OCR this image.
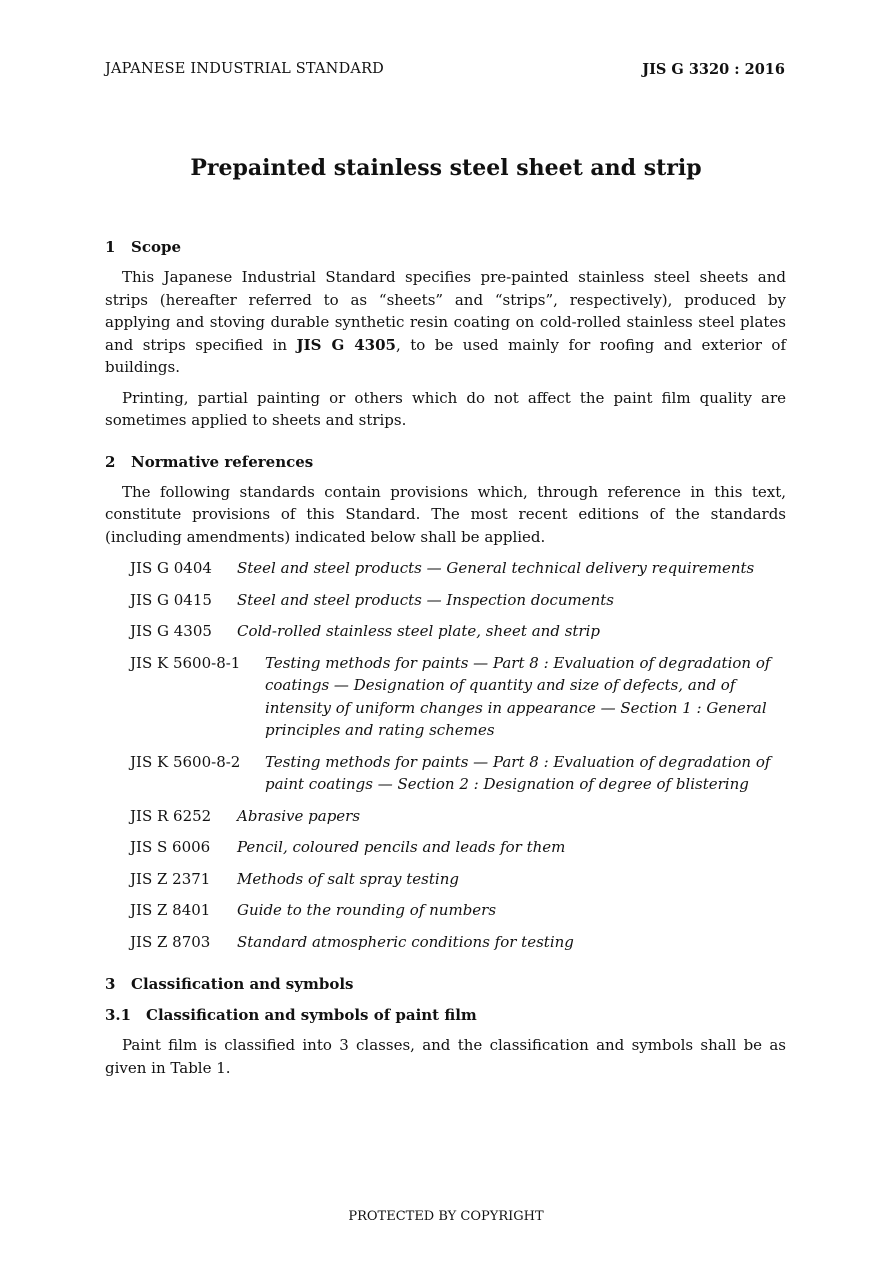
JAPANESE INDUSTRIAL STANDARD	JIS G 3320 : 2016
Prepainted stainless steel sheet and strip
1 Scope

This Japanese Industrial Standard specifies pre-painted stainless steel sheets and strips (hereafter referred to as “sheets” and “strips”, respectively), produced by applying and stoving durable synthetic resin coating on cold-rolled stainless steel plates and strips specified in JIS G 4305, to be used mainly for roofing and exterior of buildings.

Printing, partial painting or others which do not affect the paint film quality are sometimes applied to sheets and strips.

2 Normative references

The following standards contain provisions which, through reference in this text, constitute provisions of this Standard. The most recent editions of the standards (including amendments) indicated below shall be applied.

JIS G 0404 Steel and steel products — General technical delivery requirements
JIS G 0415 Steel and steel products — Inspection documents
JIS G 4305 Cold-rolled stainless steel plate, sheet and strip
JIS K 5600-8-1 Testing methods for paints — Part 8 : Evaluation of degradation of coatings — Designation of quantity and size of defects, and of intensity of uniform changes in appearance — Section 1 : General principles and rating schemes
JIS K 5600-8-2 Testing methods for paints — Part 8 : Evaluation of degradation of paint coatings — Section 2 : Designation of degree of blistering
JIS R 6252 Abrasive papers
JIS S 6006 Pencil, coloured pencils and leads for them
JIS Z 2371 Methods of salt spray testing
JIS Z 8401 Guide to the rounding of numbers
JIS Z 8703 Standard atmospheric conditions for testing
3 Classification and symbols
3.1 Classification and symbols of paint film

Paint film is classified into 3 classes, and the classification and symbols shall be as given in Table 1.

PROTECTED BY COPYRIGHT
